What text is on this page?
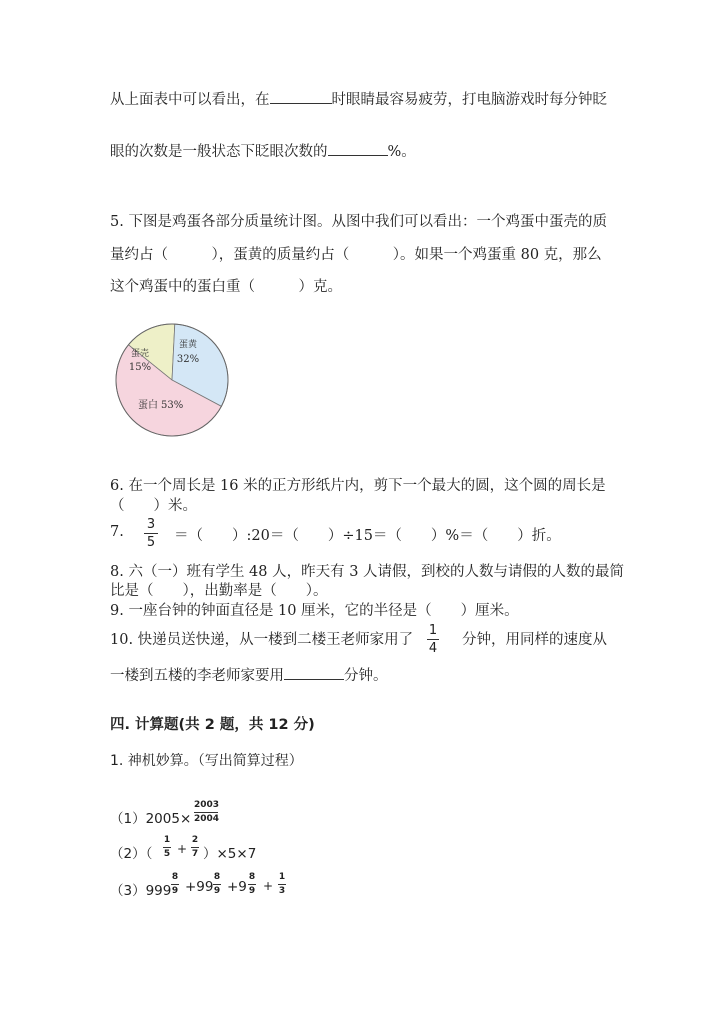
从上面表中可以看出，在	时眼睛最容易疲劳，打电脑游戏时每分钟眨
眼的次数是一般状态下眨眼次数的	%。
5. 下图是鸡蛋各部分质量统计图。从图中我们可以看出：一个鸡蛋中蛋壳的质
量约占（　　　），蛋黄的质量约占（　　　）。如果一个鸡蛋重 80 克，那么
这个鸡蛋中的蛋白重（　　　）克。
蛋壳
15%
蛋黄
32%
蛋白 53%
6. 在一个周长是 16 米的正方形纸片内，剪下一个最大的圆，这个圆的周长是
（　　）米。
7. 3
5 ＝（　　）:20＝（　　）÷15＝（　　）%＝（　　）折。
8. 六（一）班有学生 48 人，昨天有 3 人请假，到校的人数与请假的人数的最简
比是（　　），出勤率是（　　）。
9. 一座台钟的钟面直径是 10 厘米，它的半径是（　　）厘米。
10. 快递员送快递，从一楼到二楼王老师家用了
1
4
分钟，用同样的速度从
一楼到五楼的李老师家要用	分钟。
四. 计算题(共 2 题，共 12 分)
1. 神机妙算。（写出简算过程）
（1）2005×
2003
2004
（2）（
1
5 +
2
7 ）×5×7
（3）999
8
9 +99
8
9 +9
8
9 +
1
3
